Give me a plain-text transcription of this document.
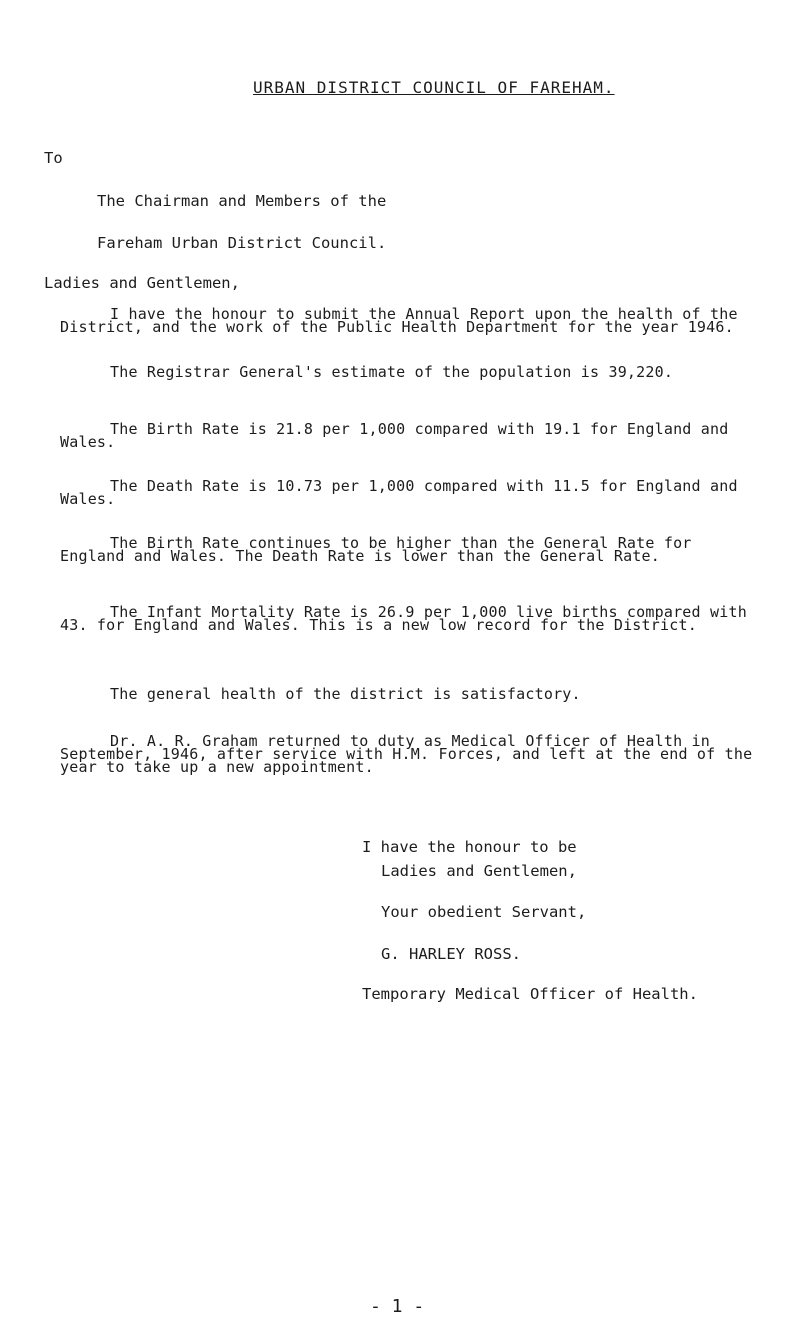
URBAN DISTRICT COUNCIL OF FAREHAM.
To
The Chairman and Members of the
Fareham Urban District Council.
Ladies and Gentlemen,
I have the honour to submit the Annual Report upon the health of the District, and the work of the Public Health Department for the year 1946.
The Registrar General's estimate of the population is 39,220.
The Birth Rate is 21.8 per 1,000 compared with 19.1 for England and Wales.
The Death Rate is 10.73 per 1,000 compared with 11.5 for England and Wales.
The Birth Rate continues to be higher than the General Rate for England and Wales. The Death Rate is lower than the General Rate.
The Infant Mortality Rate is 26.9 per 1,000 live births compared with 43. for England and Wales. This is a new low record for the District.
The general health of the district is satisfactory.
Dr. A. R. Graham returned to duty as Medical Officer of Health in September, 1946, after service with H.M. Forces, and left at the end of the year to take up a new appointment.
I have the honour to be
Ladies and Gentlemen,
Your obedient Servant,
G. HARLEY ROSS.
Temporary Medical Officer of Health.
- 1 -
